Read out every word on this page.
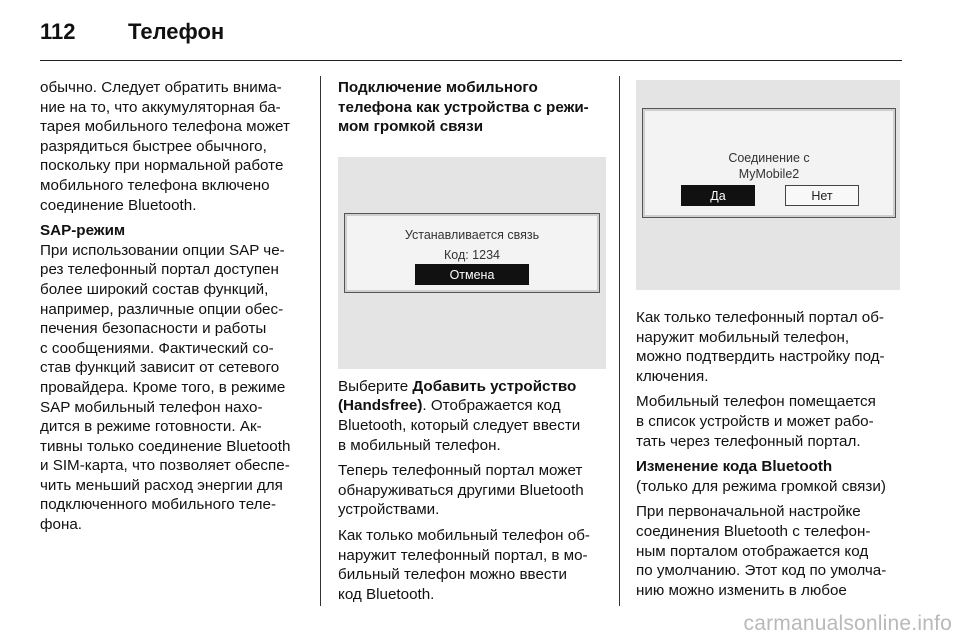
112	Телефон

обычно. Следует обратить внима-
ние на то, что аккумуляторная ба-
тарея мобильного телефона может
разрядиться быстрее обычного,
поскольку при нормальной работе
мобильного телефона включено
соединение Bluetooth.

SAP-режим

При использовании опции SAP че-
рез телефонный портал доступен
более широкий состав функций,
например, различные опции обес-
печения безопасности и работы
с сообщениями. Фактический со-
став функций зависит от сетевого
провайдера. Кроме того, в режиме
SAP мобильный телефон нахо-
дится в режиме готовности. Ак-
тивны только соединение Bluetooth
и SIM-карта, что позволяет обеспе-
чить меньший расход энергии для
подключенного мобильного теле-
фона.

Подключение мобильного
телефона как устройства с режи-
мом громкой связи
Устанавливается связь
Код: 1234
Отмена

Выберите Добавить устройство
(Handsfree). Отображается код
Bluetooth, который следует ввести
в мобильный телефон.

Теперь телефонный портал может
обнаруживаться другими Bluetooth
устройствами.

Как только мобильный телефон об-
наружит телефонный портал, в мо-
бильный телефон можно ввести
код Bluetooth.

Соединение с
MyMobile2
Да	Нет

Как только телефонный портал об-
наружит мобильный телефон,
можно подтвердить настройку под-
ключения.

Мобильный телефон помещается
в список устройств и может рабо-
тать через телефонный портал.

Изменение кода Bluetooth

(только для режима громкой связи)

При первоначальной настройке
соединения Bluetooth с телефон-
ным порталом отображается код
по умолчанию. Этот код по умолча-
нию можно изменить в любое

carmanualsonline.info
